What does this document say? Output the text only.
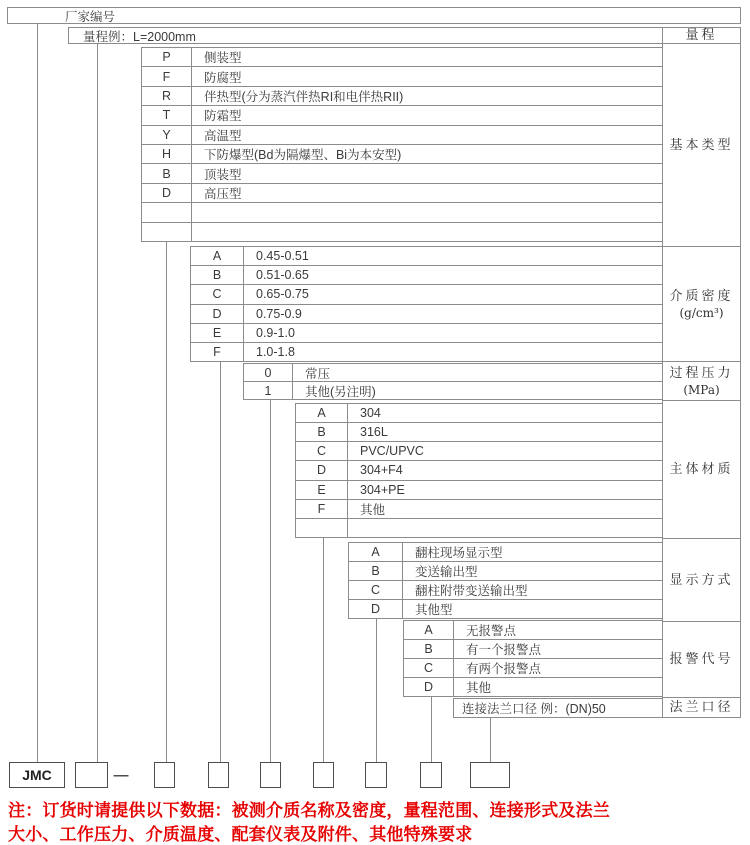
厂家编号
量程例：L=2000mm
P	侧装型
F	防腐型
R	伴热型(分为蒸汽伴热RI和电伴热RII)
T	防霜型
Y	高温型
H	下防爆型(Bd为隔爆型、Bi为本安型)
B	顶装型
D	高压型
A	0.45-0.51
B	0.51-0.65
C	0.65-0.75
D	0.75-0.9
E	0.9-1.0
F	1.0-1.8
0	常压
1	其他(另注明)
A	304
B	316L
C	PVC/UPVC
D	304+F4
E	304+PE
F	其他
A	翻柱现场显示型
B	变送输出型
C	翻柱附带变送输出型
D	其他型
A	无报警点
B	有一个报警点
C	有两个报警点
D	其他
连接法兰口径 例：(DN)50
量程
基本类型
介质密度
(g/cm³)
过程压力
(MPa)
主体材质
显示方式
报警代号
法兰口径
JMC	—
注：订货时请提供以下数据：被测介质名称及密度，量程范围、连接形式及法兰
大小、工作压力、介质温度、配套仪表及附件、其他特殊要求
